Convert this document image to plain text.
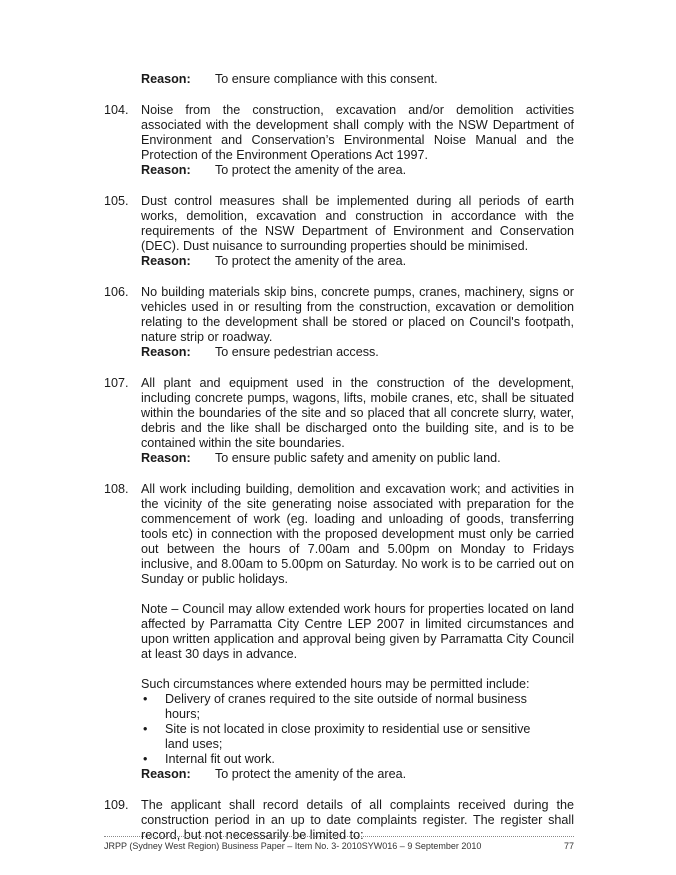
Reason:	To ensure compliance with this consent.
104. Noise from the construction, excavation and/or demolition activities associated with the development shall comply with the NSW Department of Environment and Conservation’s Environmental Noise Manual and the Protection of the Environment Operations Act 1997.

Reason:	To protect the amenity of the area.
105. Dust control measures shall be implemented during all periods of earth works, demolition, excavation and construction in accordance with the requirements of the NSW Department of Environment and Conservation (DEC). Dust nuisance to surrounding properties should be minimised.

Reason:	To protect the amenity of the area.
106. No building materials skip bins, concrete pumps, cranes, machinery, signs or vehicles used in or resulting from the construction, excavation or demolition relating to the development shall be stored or placed on Council's footpath, nature strip or roadway.

Reason:	To ensure pedestrian access.
107. All plant and equipment used in the construction of the development, including concrete pumps, wagons, lifts, mobile cranes, etc, shall be situated within the boundaries of the site and so placed that all concrete slurry, water, debris and the like shall be discharged onto the building site, and is to be contained within the site boundaries.

Reason:	To ensure public safety and amenity on public land.
108. All work including building, demolition and excavation work; and activities in the vicinity of the site generating noise associated with preparation for the commencement of work (eg. loading and unloading of goods, transferring tools etc) in connection with the proposed development must only be carried out between the hours of 7.00am and 5.00pm on Monday to Fridays inclusive, and 8.00am to 5.00pm on Saturday. No work is to be carried out on Sunday or public holidays.

Note – Council may allow extended work hours for properties located on land affected by Parramatta City Centre LEP 2007 in limited circumstances and upon written application and approval being given by Parramatta City Council at least 30 days in advance.

Such circumstances where extended hours may be permitted include:

•	Delivery of cranes required to the site outside of normal business hours;
•	Site is not located in close proximity to residential use or sensitive land uses;
•	Internal fit out work.
Reason:	To protect the amenity of the area.
109. The applicant shall record details of all complaints received during the construction period in an up to date complaints register. The register shall record, but not necessarily be limited to:

JRPP (Sydney West Region) Business Paper – Item No. 3- 2010SYW016 – 9 September 2010	77
